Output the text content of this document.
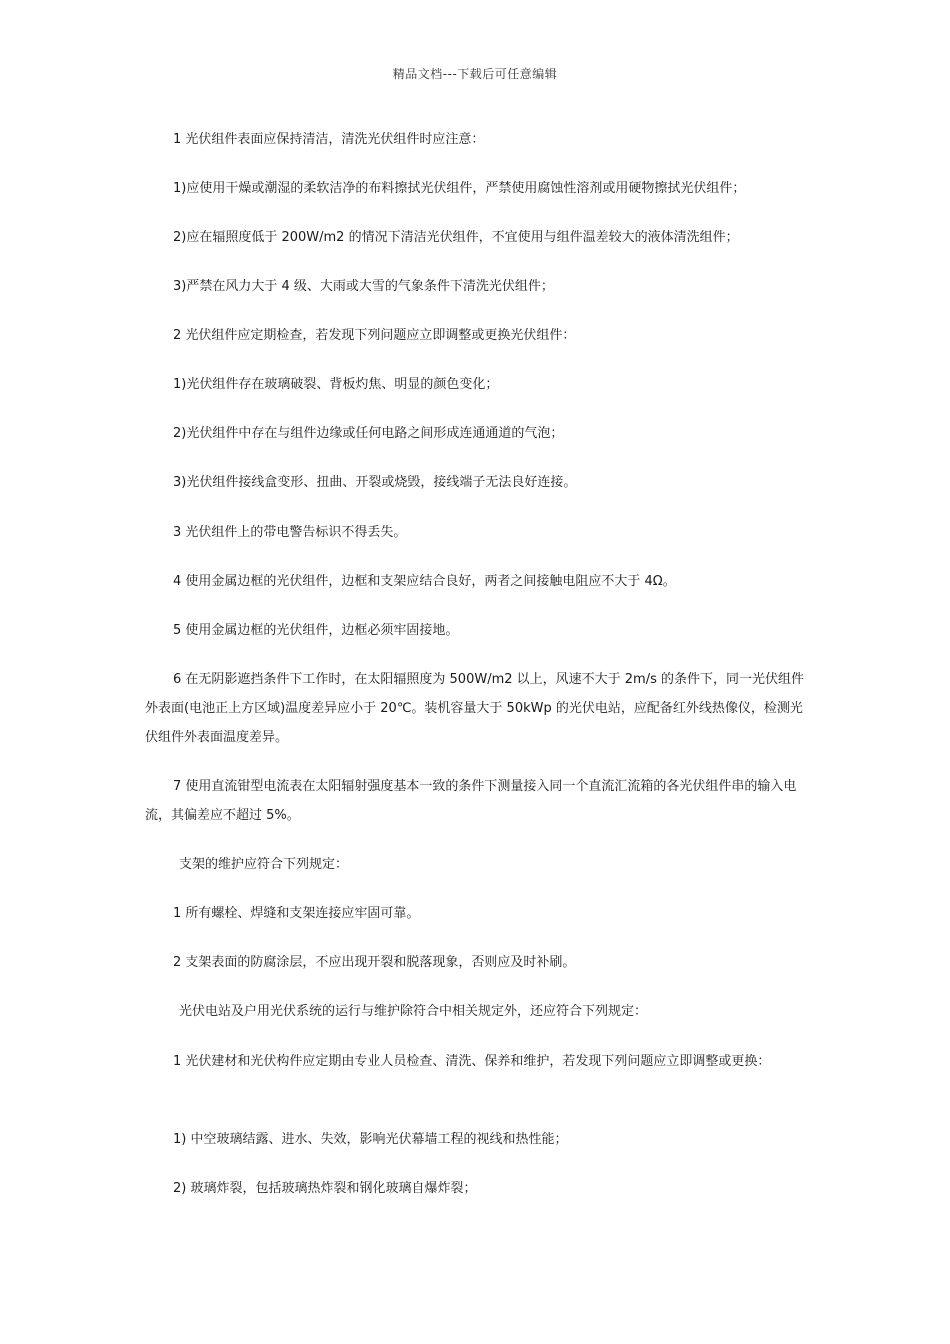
精品文档---下载后可任意编辑
1 光伏组件表面应保持清洁，清洗光伏组件时应注意：
1)应使用干燥或潮湿的柔软洁净的布料擦拭光伏组件，严禁使用腐蚀性溶剂或用硬物擦拭光伏组件；
2)应在辐照度低于 200W/m2 的情况下清洁光伏组件，不宜使用与组件温差较大的液体清洗组件；
3)严禁在风力大于 4 级、大雨或大雪的气象条件下清洗光伏组件；
2 光伏组件应定期检查，若发现下列问题应立即调整或更换光伏组件：
1)光伏组件存在玻璃破裂、背板灼焦、明显的颜色变化；
2)光伏组件中存在与组件边缘或任何电路之间形成连通通道的气泡；
3)光伏组件接线盒变形、扭曲、开裂或烧毁，接线端子无法良好连接。
3 光伏组件上的带电警告标识不得丢失。
4 使用金属边框的光伏组件，边框和支架应结合良好，两者之间接触电阻应不大于 4Ω。
5 使用金属边框的光伏组件，边框必须牢固接地。
6 在无阴影遮挡条件下工作时，在太阳辐照度为 500W/m2 以上，风速不大于 2m/s 的条件下，同一光伏组件外表面(电池正上方区域)温度差异应小于 20℃。装机容量大于 50kWp 的光伏电站，应配备红外线热像仪，检测光伏组件外表面温度差异。
7 使用直流钳型电流表在太阳辐射强度基本一致的条件下测量接入同一个直流汇流箱的各光伏组件串的输入电流，其偏差应不超过 5%。
支架的维护应符合下列规定：
1 所有螺栓、焊缝和支架连接应牢固可靠。
2 支架表面的防腐涂层，不应出现开裂和脱落现象，否则应及时补刷。
光伏电站及户用光伏系统的运行与维护除符合中相关规定外，还应符合下列规定：
1 光伏建材和光伏构件应定期由专业人员检查、清洗、保养和维护，若发现下列问题应立即调整或更换：
1) 中空玻璃结露、进水、失效，影响光伏幕墙工程的视线和热性能；
2) 玻璃炸裂，包括玻璃热炸裂和钢化玻璃自爆炸裂；
